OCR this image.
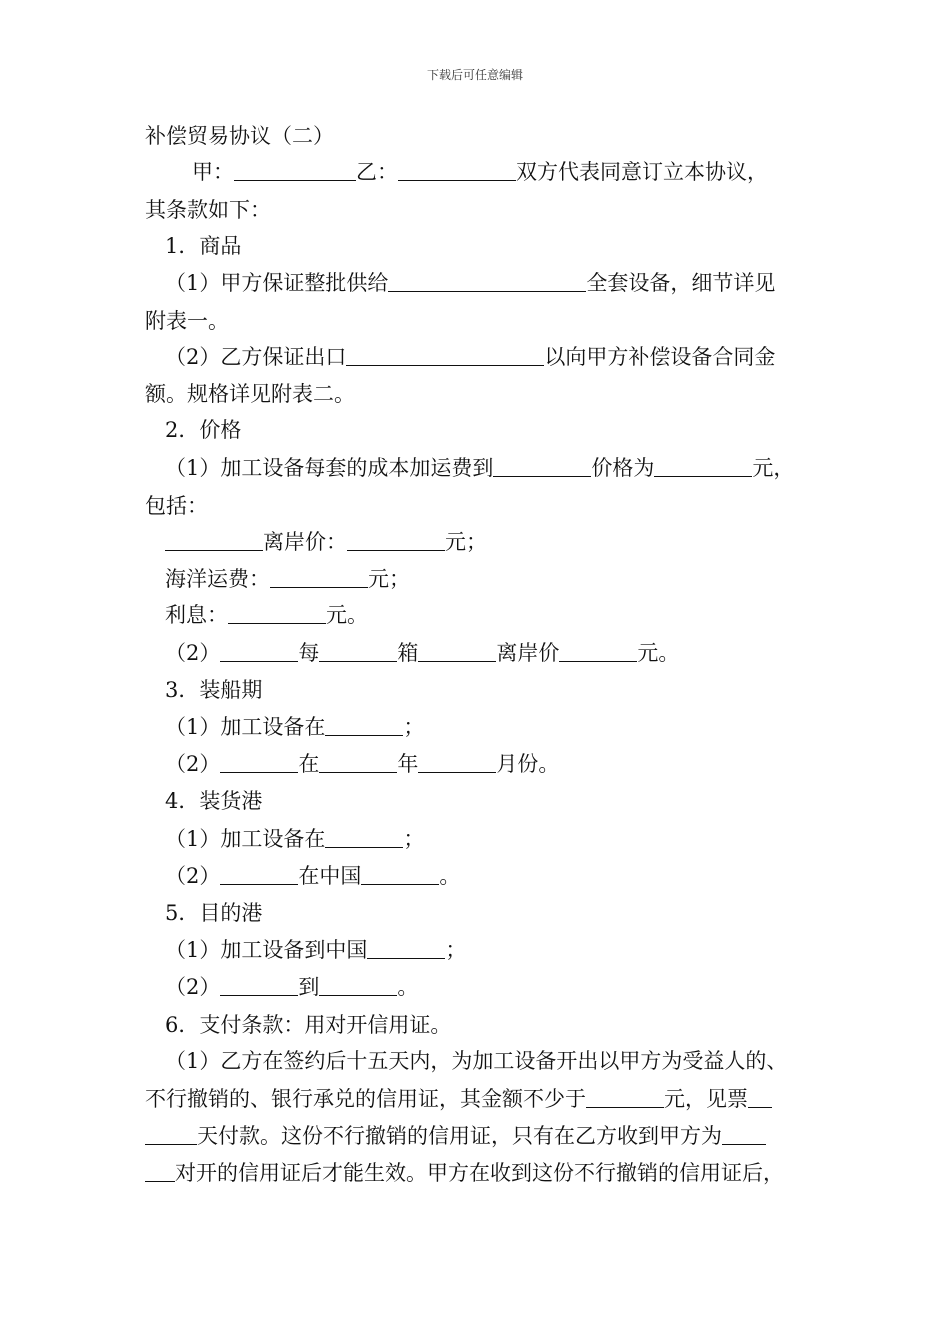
下载后可任意编辑
补偿贸易协议（二）
甲：	乙：	双方代表同意订立本协议，
其条款如下：
1．商品
（1）甲方保证整批供给	全套设备，细节详见
附表一。
（2）乙方保证出口	以向甲方补偿设备合同金
额。规格详见附表二。
2．价格
（1）加工设备每套的成本加运费到	价格为	元，
包括：
离岸价：	元；
海洋运费：	元；
利息：	元。
（2）	每	箱	离岸价	元。
3．装船期
（1）加工设备在	；
（2）	在	年	月份。
4．装货港
（1）加工设备在	；
（2）	在中国	。
5．目的港
（1）加工设备到中国	；
（2）	到	。
6．支付条款：用对开信用证。
（1）乙方在签约后十五天内，为加工设备开出以甲方为受益人的、
不行撤销的、银行承兑的信用证，其金额不少于	元，见票
天付款。这份不行撤销的信用证，只有在乙方收到甲方为
对开的信用证后才能生效。甲方在收到这份不行撤销的信用证后，
